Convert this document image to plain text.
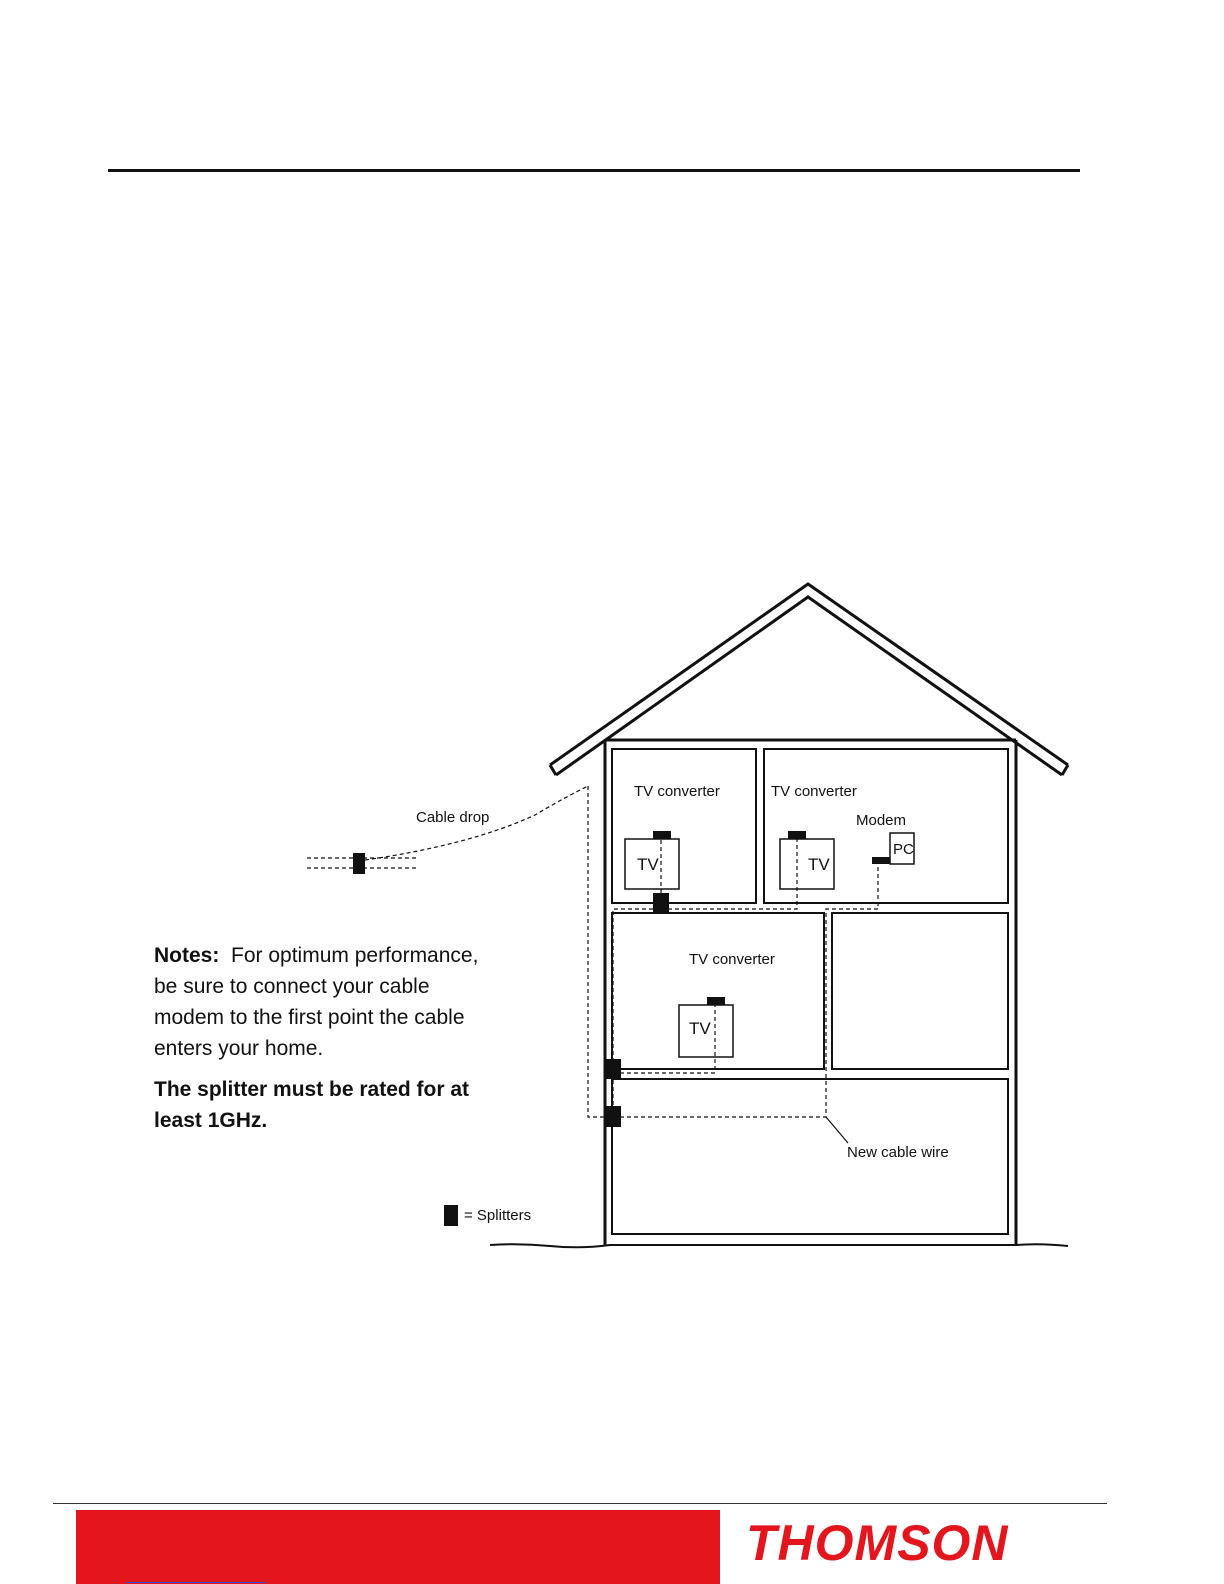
Cable drop
TV converter	TV converter
TV converter
Modem
PC
TV	TV
TV
New cable wire
= Splitters

Notes: For optimum performance, be sure to connect your cable modem to the first point the cable enters your home.

The splitter must be rated for at least 1GHz.

THOMSON
